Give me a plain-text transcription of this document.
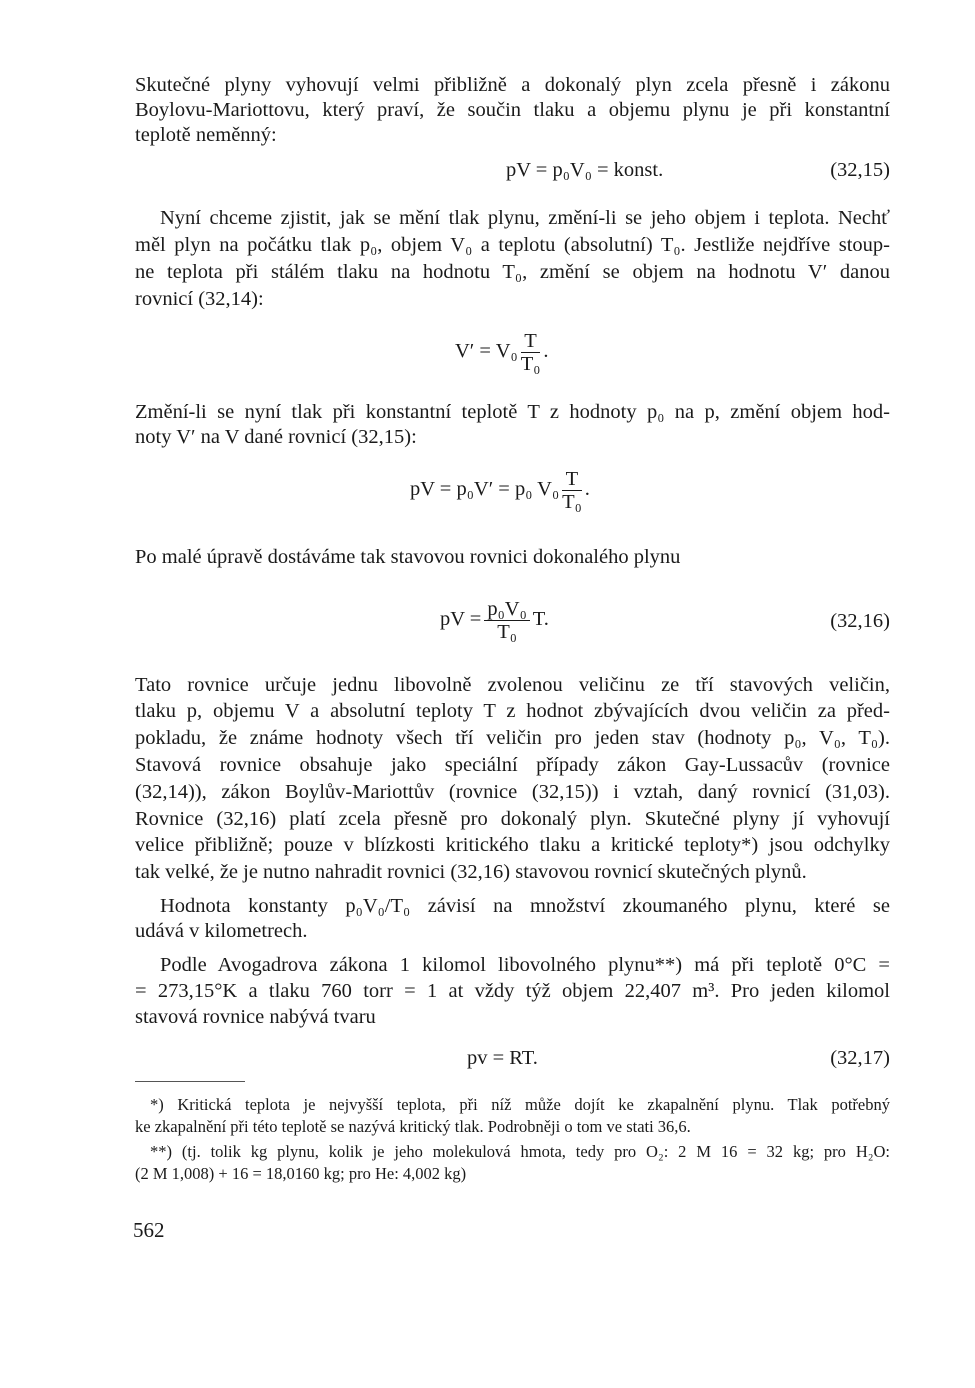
Skutečné plyny vyhovují velmi přibližně a dokonalý plyn zcela přesně i zákonu
Boylovu-Mariottovu, který praví, že součin tlaku a objemu plynu je při konstantní
teplotě neměnný:
pV = p₀V₀ = konst.	(32,15)
Nyní chceme zjistit, jak se mění tlak plynu, změní-li se jeho objem i teplota. Nechť
měl plyn na počátku tlak p₀, objem V₀ a teplotu (absolutní) T₀. Jestliže nejdříve stoup-
ne teplota při stálém tlaku na hodnotu T₀, změní se objem na hodnotu V′ danou
rovnicí (32,14):
$V' = V_0 \frac{T}{\text{T₀}}$ .
Změní-li se nyní tlak při konstantní teplotě T z hodnoty p₀ na p, změní objem hod-
noty V′ na V dané rovnicí (32,15):
pV = p₀V′ = p₀ $V_0 \frac{T}{\text{T₀}}$ .
Po malé úpravě dostáváme tak stavovou rovnici dokonalého plynu
pV = $\frac{\text{p₀V₀}}{\text{T₀}} T$.	(32,16)
Tato rovnice určuje jednu libovolně zvolenou veličinu ze tří stavových veličin,
tlaku p, objemu V a absolutní teploty T z hodnot zbývajících dvou veličin za před-
pokladu, že známe hodnoty všech tří veličin pro jeden stav (hodnoty p₀, V₀, T₀).
Stavová rovnice obsahuje jako speciální případy zákon Gay-Lussacův (rovnice
(32,14)), zákon Boylův-Mariottův (rovnice (32,15)) i vztah, daný rovnicí (31,03).
Rovnice (32,16) platí zcela přesně pro dokonalý plyn. Skutečné plyny jí vyhovují
velice přibližně; pouze v blízkosti kritického tlaku a kritické teploty*) jsou odchylky
tak velké, že je nutno nahradit rovnici (32,16) stavovou rovnicí skutečných plynů.
Hodnota konstanty p₀V₀/T₀ závisí na množství zkoumaného plynu, které se
udává v kilometrech.
Podle Avogadrova zákona 1 kilomol libovolného plynu**) má při teplotě 0°C =
= 273,15°K a tlaku 760 torr = 1 at vždy týž objem 22,407 m³. Pro jeden kilomol
stavová rovnice nabývá tvaru
pv = RT.	(32,17)
*) Kritická teplota je nejvyšší teplota, při níž může dojít ke zkapalnění plynu. Tlak potřebný
ke zkapalnění při této teplotě se nazývá kritický tlak. Podrobněji o tom ve stati 36,6.
**) (tj. tolik kg plynu, kolik je jeho molekulová hmota, tedy pro O₂: 2 M 16 = 32 kg; pro H₂O:
(2 M 1,008) + 16 = 18,0160 kg; pro He: 4,002 kg)
562
